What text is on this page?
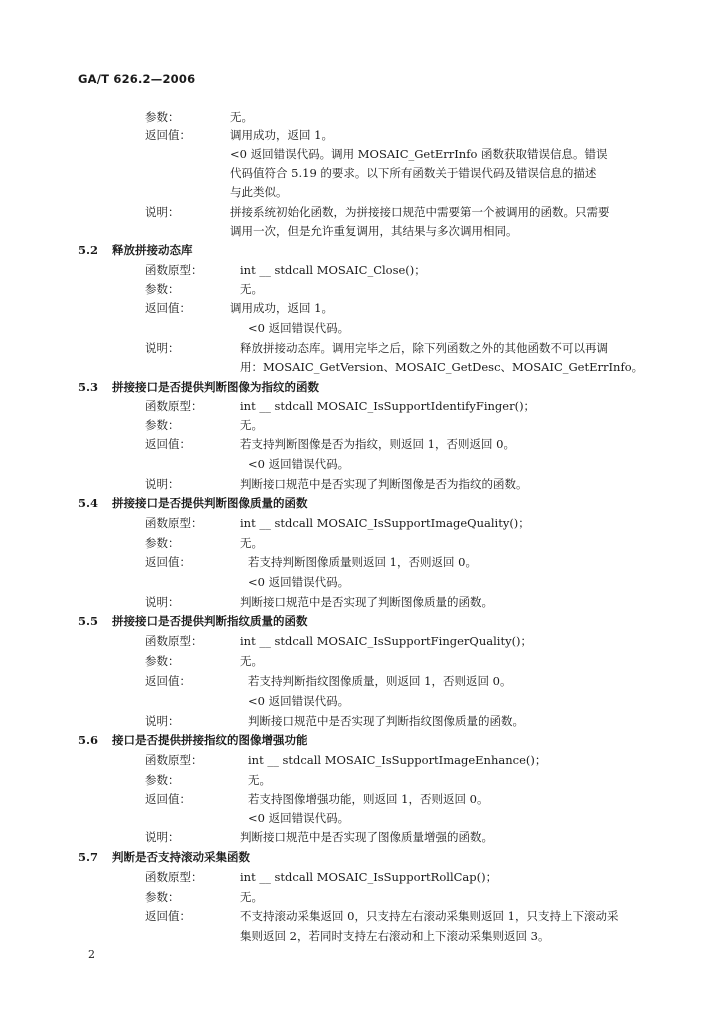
GA/T 626.2—2006
参数：	无。
返回值：	调用成功，返回 1。
<0 返回错误代码。调用 MOSAIC_GetErrInfo 函数获取错误信息。错误
代码值符合 5.19 的要求。以下所有函数关于错误代码及错误信息的描述
与此类似。
说明：	拼接系统初始化函数，为拼接接口规范中需要第一个被调用的函数。只需要
调用一次，但是允许重复调用，其结果与多次调用相同。
5.2 释放拼接动态库
函数原型：	int __ stdcall MOSAIC_Close()；
参数：	无。
返回值：	调用成功，返回 1。
<0 返回错误代码。
说明：	释放拼接动态库。调用完毕之后，除下列函数之外的其他函数不可以再调
用：MOSAIC_GetVersion、MOSAIC_GetDesc、MOSAIC_GetErrInfo。
5.3 拼接接口是否提供判断图像为指纹的函数
函数原型：	int __ stdcall MOSAIC_IsSupportIdentifyFinger()；
参数：	无。
返回值：	若支持判断图像是否为指纹，则返回 1，否则返回 0。
<0 返回错误代码。
说明：	判断接口规范中是否实现了判断图像是否为指纹的函数。
5.4 拼接接口是否提供判断图像质量的函数
函数原型：	int __ stdcall MOSAIC_IsSupportImageQuality()；
参数：	无。
返回值：	若支持判断图像质量则返回 1，否则返回 0。
<0 返回错误代码。
说明：	判断接口规范中是否实现了判断图像质量的函数。
5.5 拼接接口是否提供判断指纹质量的函数
函数原型：	int __ stdcall MOSAIC_IsSupportFingerQuality()；
参数：	无。
返回值：	若支持判断指纹图像质量，则返回 1，否则返回 0。
<0 返回错误代码。
说明：	判断接口规范中是否实现了判断指纹图像质量的函数。
5.6 接口是否提供拼接指纹的图像增强功能
函数原型：	int __ stdcall MOSAIC_IsSupportImageEnhance()；
参数：	无。
返回值：	若支持图像增强功能，则返回 1，否则返回 0。
<0 返回错误代码。
说明：	判断接口规范中是否实现了图像质量增强的函数。
5.7 判断是否支持滚动采集函数
函数原型：	int __ stdcall MOSAIC_IsSupportRollCap()；
参数：	无。
返回值：	不支持滚动采集返回 0，只支持左右滚动采集则返回 1，只支持上下滚动采
集则返回 2，若同时支持左右滚动和上下滚动采集则返回 3。
2
